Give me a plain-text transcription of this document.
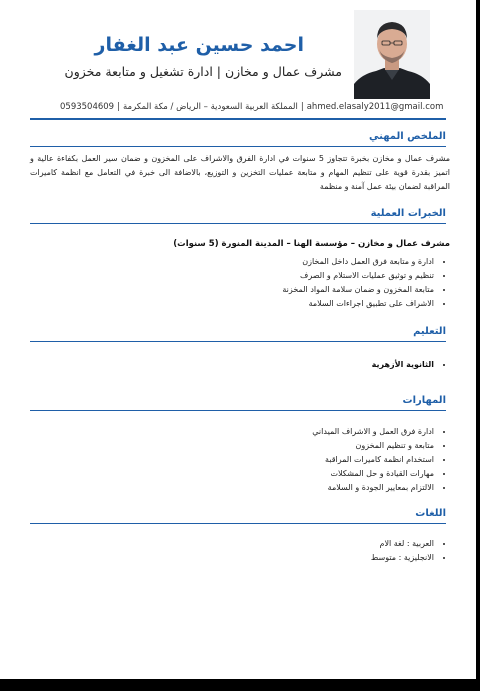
احمد حسين عبد الغفار
مشرف عمال و مخازن | ادارة تشغيل و متابعة مخزون
0593504609 | المملكة العربية السعودية – الرياض / مكة المكرمة | ahmed.elasaly2011@gmail.com
الملخص المهني
مشرف عمال و مخازن بخبرة تتجاوز 5 سنوات في ادارة الفرق والاشراف على المخزون و ضمان سير العمل بكفاءة عالية و اتميز بقدرة قوية على تنظيم المهام و متابعة عمليات التخزين و التوزيع، بالاضافة الى خبرة في التعامل مع انظمة كاميرات المراقبة لضمان بيئة عمل آمنة و منظمة
الخبرات العملية
مشرف عمال و مخازن – مؤسسة الهنا – المدينة المنورة (5 سنوات)
• ادارة و متابعة فرق العمل داخل المخازن
• تنظيم و توثيق عمليات الاستلام و الصرف
• متابعة المخزون و ضمان سلامة المواد المخزنة
• الاشراف على تطبيق اجراءات السلامة
التعليم
• الثانوية الأزهرية
المهارات
• ادارة فرق العمل و الاشراف الميداني
• متابعة و تنظيم المخزون
• استخدام انظمة كاميرات المراقبة
• مهارات القيادة و حل المشكلات
• الالتزام بمعايير الجودة و السلامة
اللغات
• العربية : لغة الام
• الانجليزية : متوسط
